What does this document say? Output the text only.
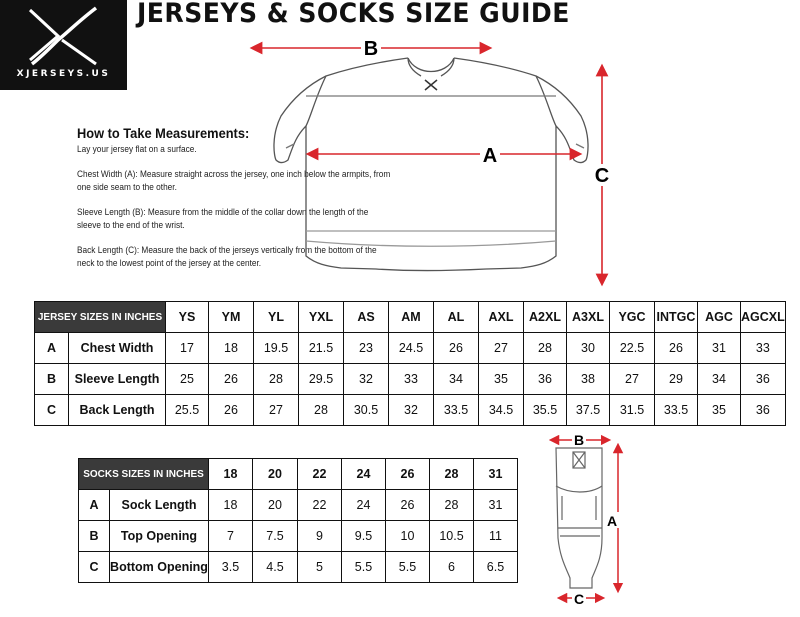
XJERSEYS.US
JERSEYS & SOCKS SIZE GUIDE
How to Take Measurements:

Lay your jersey flat on a surface.

Chest Width (A): Measure straight across the jersey, one inch below the armpits, from one side seam to the other.

Sleeve Length (B): Measure from the middle of the collar down the length of the sleeve to the end of the wrist.

Back Length (C): Measure the back of the jerseys vertically from the bottom of the neck to the lowest point of the jersey at the center.

B
A
C
JERSEY SIZES IN INCHES		YS	YM	YL	YXL	AS	AM	AL	AXL	A2XL	A3XL	YGC	INTGC	AGC	AGCXL
A	Chest Width	17	18	19.5	21.5	23	24.5	26	27	28	30	22.5	26	31	33
B	Sleeve Length	25	26	28	29.5	32	33	34	35	36	38	27	29	34	36
C	Back Length	25.5	26	27	28	30.5	32	33.5	34.5	35.5	37.5	31.5	33.5	35	36
SOCKS SIZES IN INCHES		18	20	22	24	26	28	31
A	Sock Length	18	20	22	24	26	28	31
B	Top Opening	7	7.5	9	9.5	10	10.5	11
C	Bottom Opening	3.5	4.5	5	5.5	5.5	6	6.5
B
A
C
